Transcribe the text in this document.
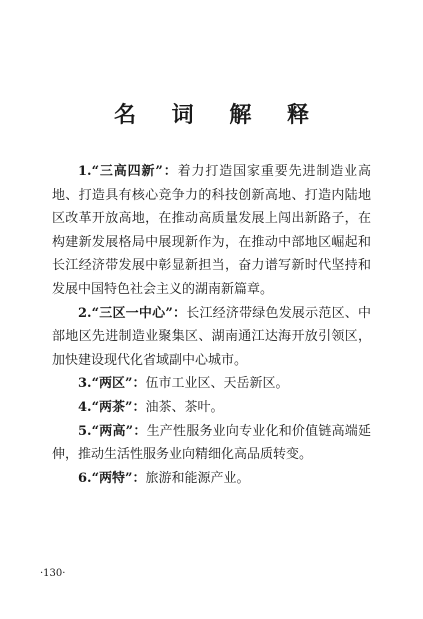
名 词 解 释

1.“三高四新”：着力打造国家重要先进制造业高地、打造具有核心竞争力的科技创新高地、打造内陆地区改革开放高地，在推动高质量发展上闯出新路子，在构建新发展格局中展现新作为，在推动中部地区崛起和长江经济带发展中彰显新担当，奋力谱写新时代坚持和发展中国特色社会主义的湖南新篇章。

2.“三区一中心”：长江经济带绿色发展示范区、中部地区先进制造业聚集区、湖南通江达海开放引领区，加快建设现代化省域副中心城市。

3.“两区”：伍市工业区、天岳新区。

4.“两茶”：油茶、茶叶。

5.“两高”：生产性服务业向专业化和价值链高端延伸，推动生活性服务业向精细化高品质转变。

6.“两特”：旅游和能源产业。

·130·
